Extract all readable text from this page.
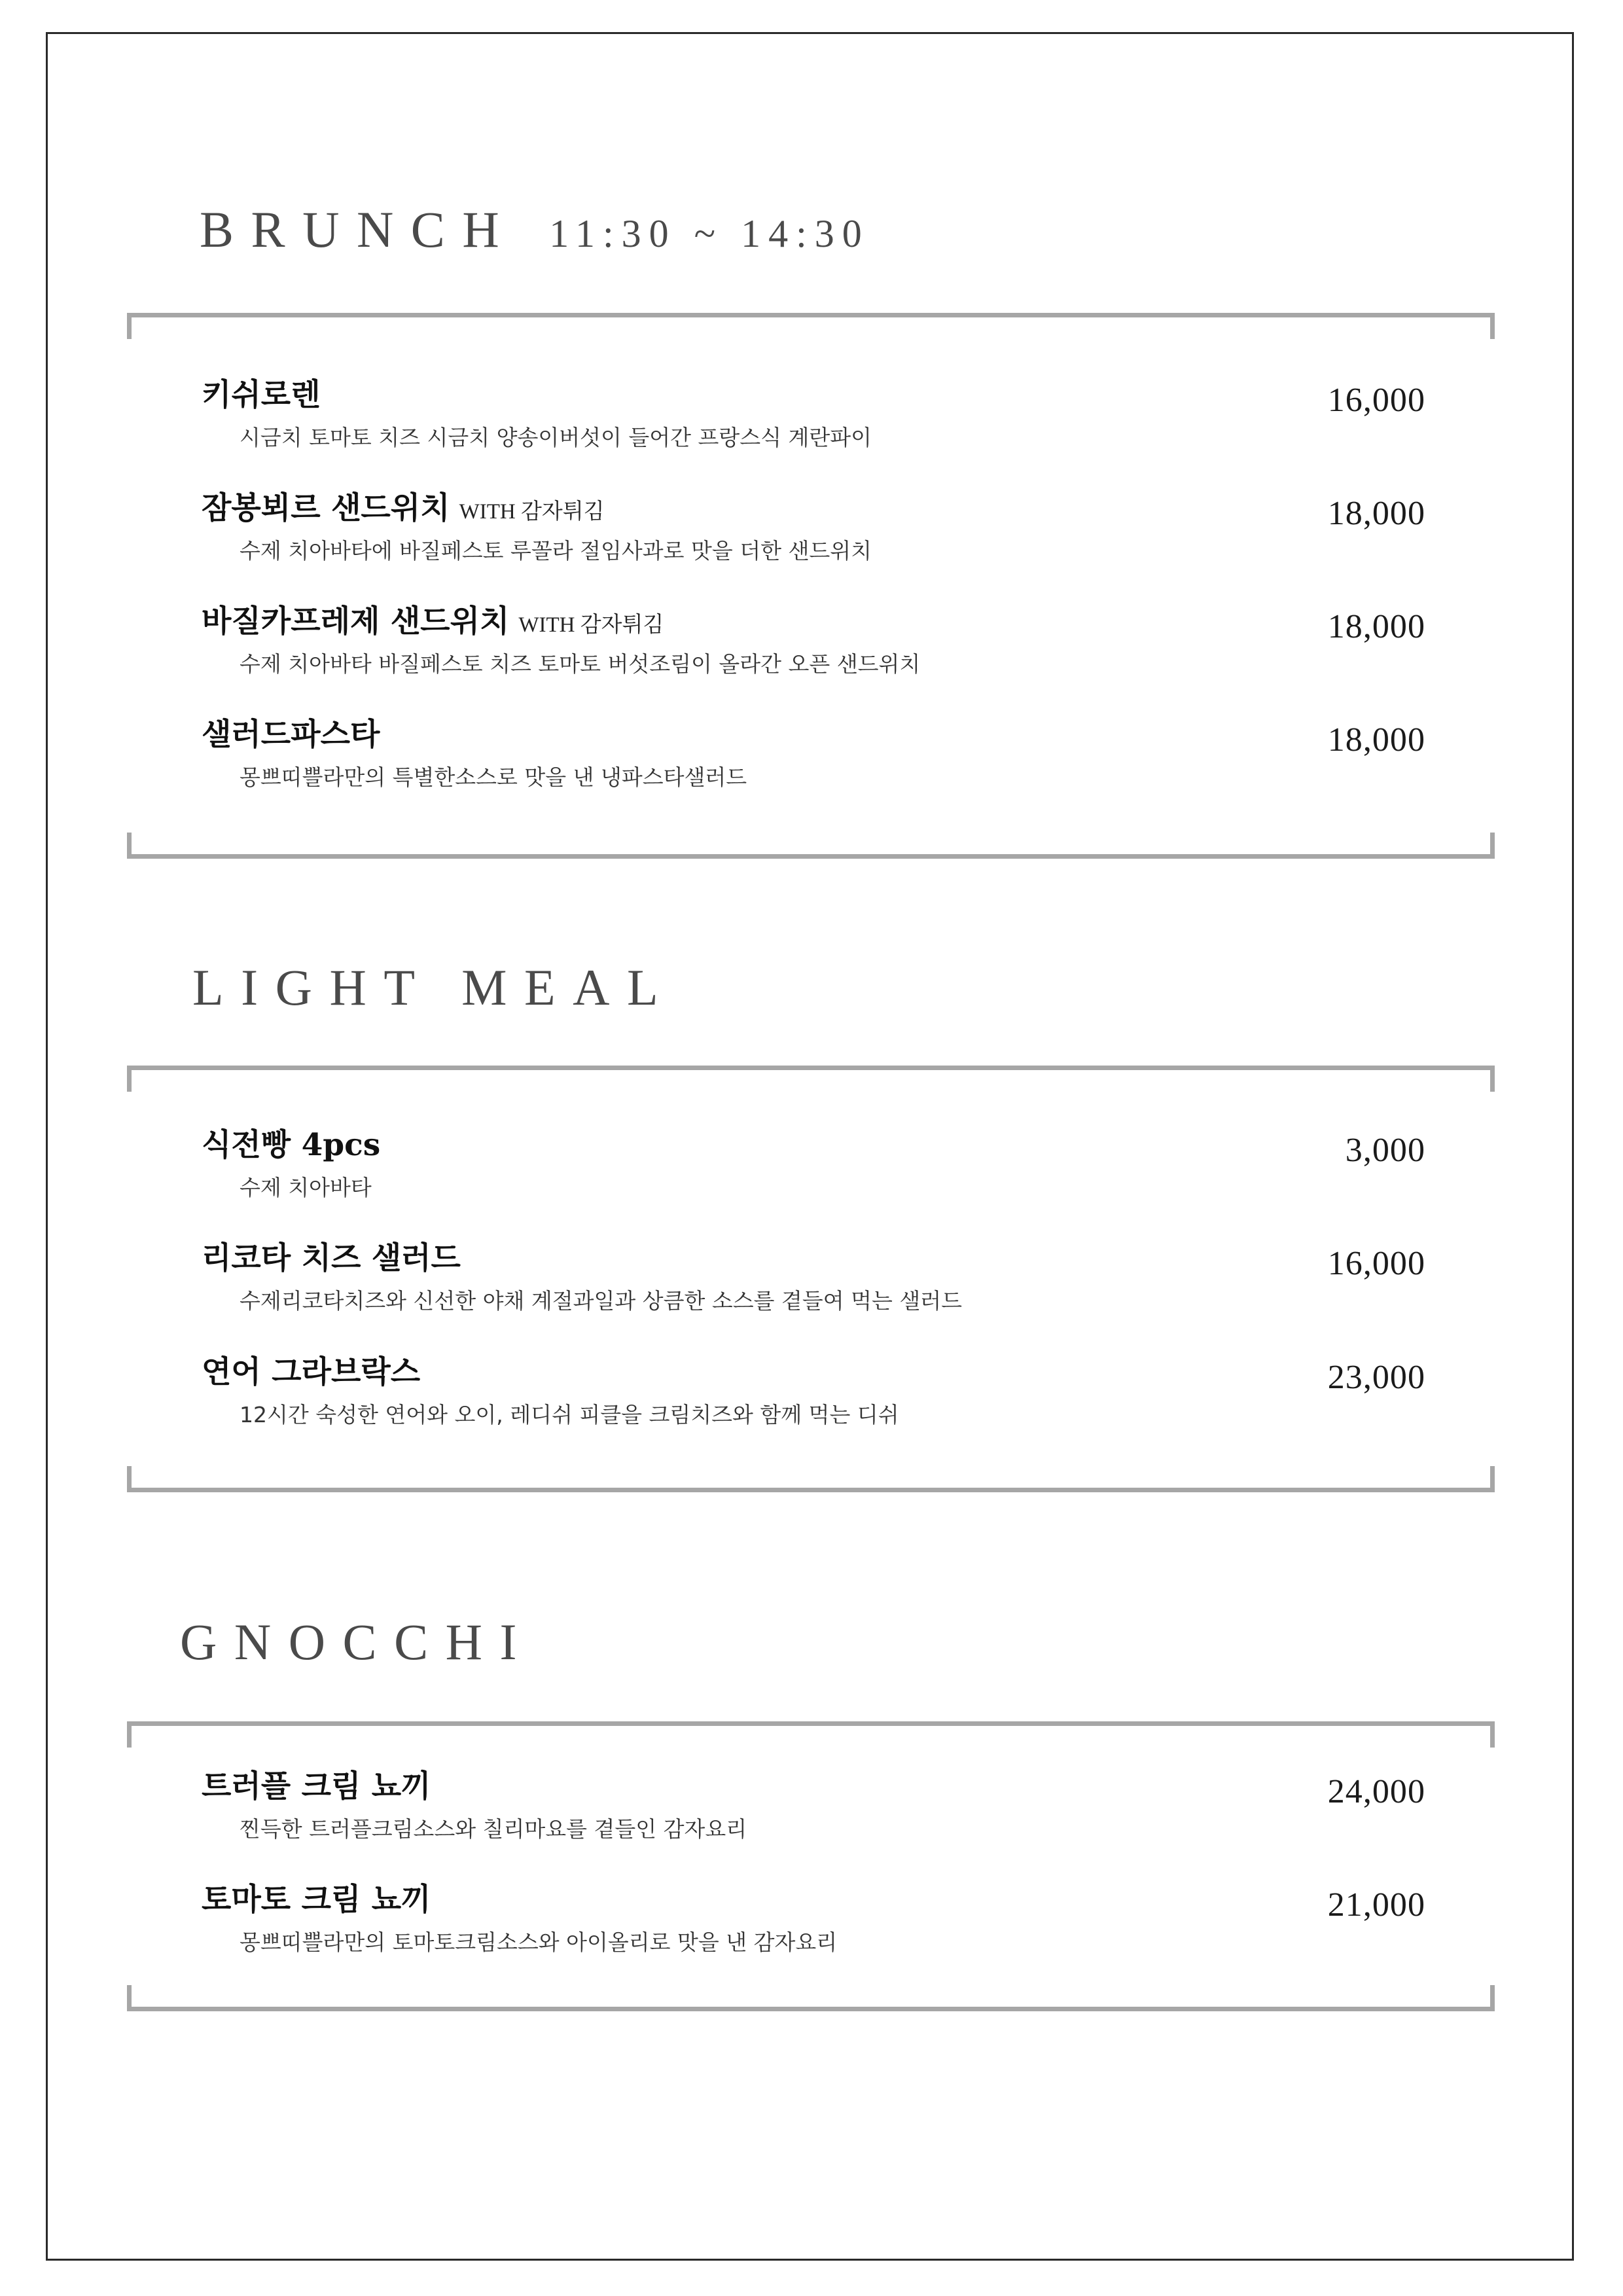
BRUNCH 11:30 ~ 14:30
키쉬로렌
시금치 토마토 치즈 시금치 양송이버섯이 들어간 프랑스식 계란파이
16,000
잠봉뵈르 샌드위치 WITH 감자튀김
수제 치아바타에 바질페스토 루꼴라 절임사과로 맛을 더한 샌드위치
18,000
바질카프레제 샌드위치 WITH 감자튀김
수제 치아바타 바질페스토 치즈 토마토 버섯조림이 올라간 오픈 샌드위치
18,000
샐러드파스타
몽쁘띠쁠라만의 특별한소스로 맛을 낸 냉파스타샐러드
18,000
LIGHT MEAL
식전빵 4pcs
수제 치아바타
3,000
리코타 치즈 샐러드
수제리코타치즈와 신선한 야채 계절과일과 상큼한 소스를 곁들여 먹는 샐러드
16,000
연어 그라브락스
12시간 숙성한 연어와 오이, 레디쉬 피클을 크림치즈와 함께 먹는 디쉬
23,000
GNOCCHI
트러플 크림 뇨끼
찐득한 트러플크림소스와 칠리마요를 곁들인 감자요리
24,000
토마토 크림 뇨끼
몽쁘띠쁠라만의 토마토크림소스와 아이올리로 맛을 낸 감자요리
21,000
